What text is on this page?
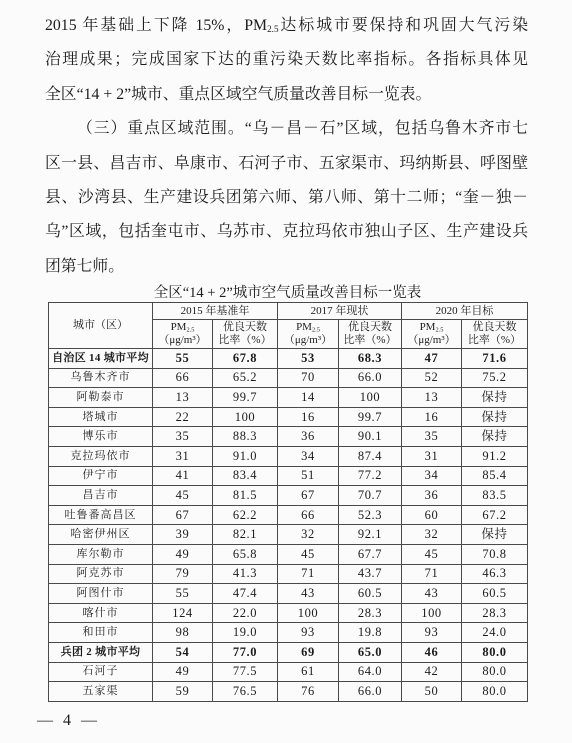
2015 年基础上下降 15%，$PM_{2.5}$达标城市要保持和巩固大气污染
治理成果；完成国家下达的重污染天数比率指标。各指标具体见
全区“14 + 2”城市、重点区域空气质量改善目标一览表。
（三）重点区域范围。“乌－昌－石”区域，包括乌鲁木齐市七
区一县、昌吉市、阜康市、石河子市、五家渠市、玛纳斯县、呼图壁
县、沙湾县、生产建设兵团第六师、第八师、第十二师；“奎－独－
乌”区域，包括奎屯市、乌苏市、克拉玛依市独山子区、生产建设兵
团第七师。
全区“14 + 2”城市空气质量改善目标一览表
城市（区）	2015 年基准年		2017 年现状		2020 年目标	

	$PM_{2.5}$
（μg/m³）	优良天数
比率（%）	$PM_{2.5}$
（μg/m³）	优良天数
比率（%）	$PM_{2.5}$
（μg/m³）	优良天数
比率（%）

自治区 14 城市平均	55	67.8	53	68.3	47	71.6
乌鲁木齐市	66	65.2	70	66.0	52	75.2
阿勒泰市	13	99.7	14	100	13	保持
塔城市	22	100	16	99.7	16	保持
博乐市	35	88.3	36	90.1	35	保持
克拉玛依市	31	91.0	34	87.4	31	91.2
伊宁市	41	83.4	51	77.2	34	85.4
昌吉市	45	81.5	67	70.7	36	83.5
吐鲁番高昌区	67	62.2	66	52.3	60	67.2
哈密伊州区	39	82.1	32	92.1	32	保持
库尔勒市	49	65.8	45	67.7	45	70.8
阿克苏市	79	41.3	71	43.7	71	46.3
阿图什市	55	47.4	43	60.5	43	60.5
喀什市	124	22.0	100	28.3	100	28.3
和田市	98	19.0	93	19.8	93	24.0
兵团 2 城市平均	54	77.0	69	65.0	46	80.0
石河子	49	77.5	61	64.0	42	80.0
五家渠	59	76.5	76	66.0	50	80.0
— 4 —
